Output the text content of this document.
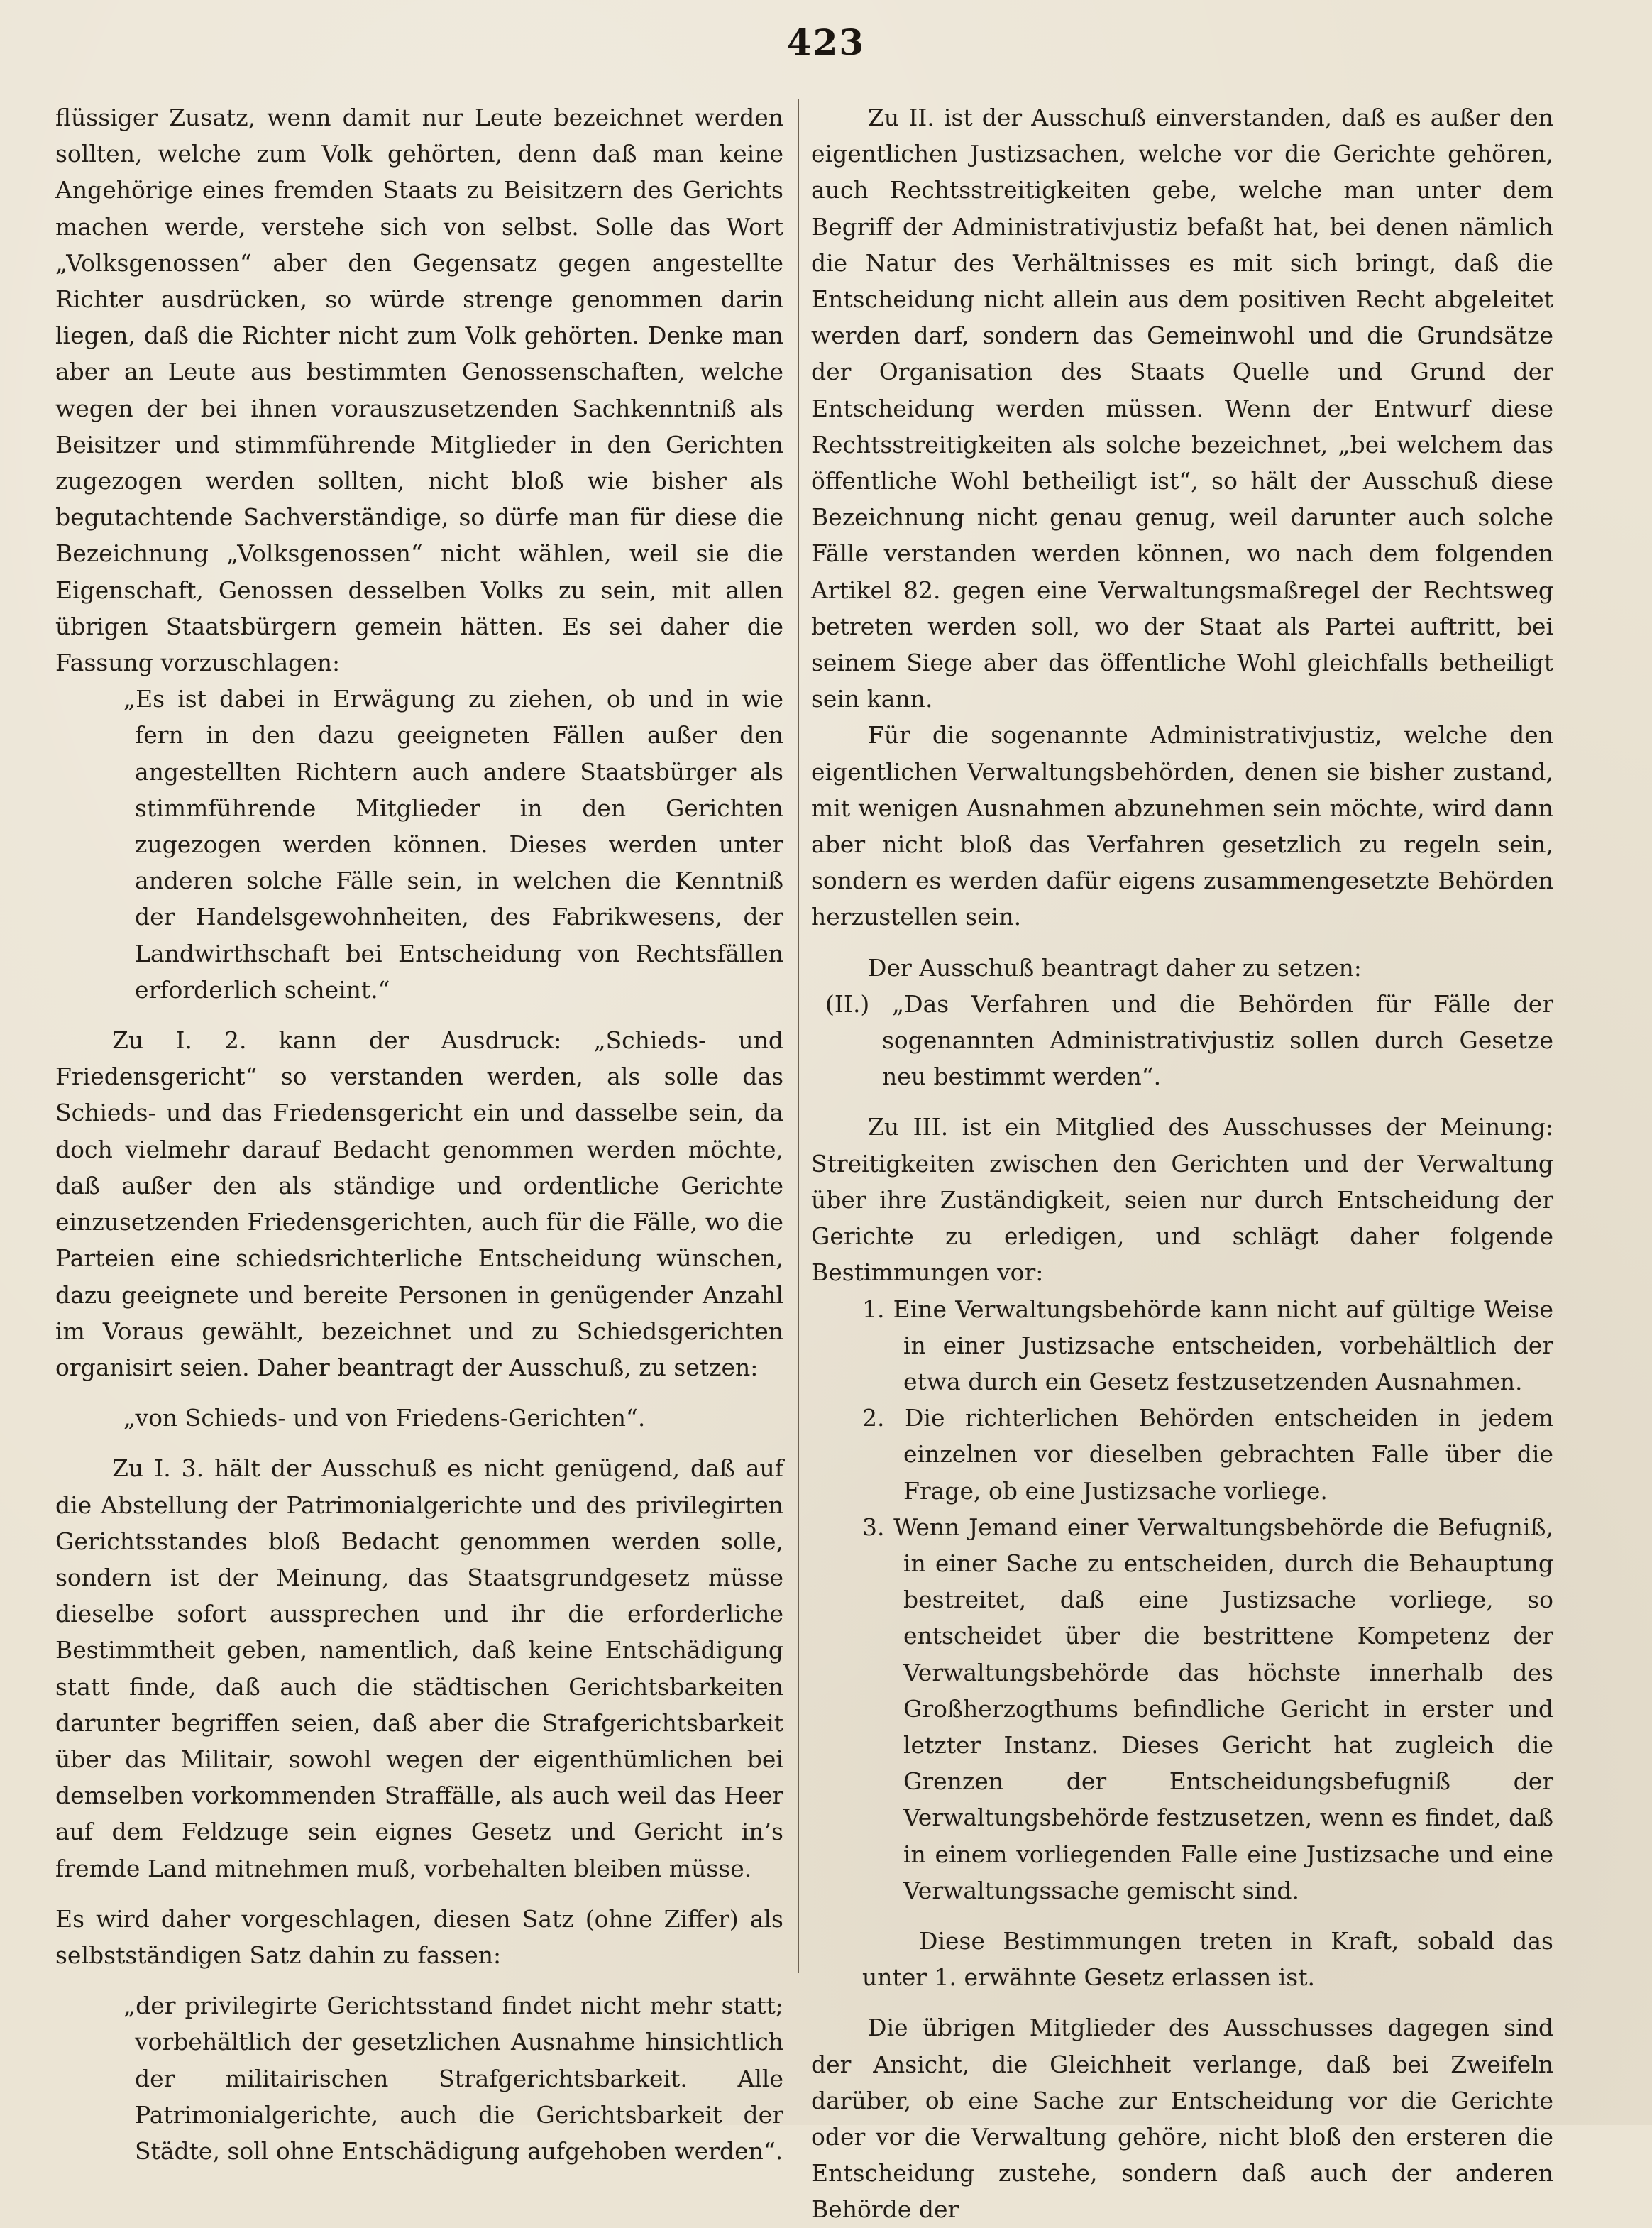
423

flüssiger Zusatz, wenn damit nur Leute bezeichnet werden sollten, welche zum Volk gehörten, denn daß man keine Angehörige eines fremden Staats zu Beisitzern des Gerichts machen werde, verstehe sich von selbst. Solle das Wort „Volksgenossen“ aber den Gegensatz gegen angestellte Richter ausdrücken, so würde strenge genommen darin liegen, daß die Richter nicht zum Volk gehörten. Denke man aber an Leute aus bestimmten Genossenschaften, welche wegen der bei ihnen vorauszusetzenden Sachkenntniß als Beisitzer und stimmführende Mitglieder in den Gerichten zugezogen werden sollten, nicht bloß wie bisher als begutachtende Sachverständige, so dürfe man für diese die Bezeichnung „Volksgenossen“ nicht wählen, weil sie die Eigenschaft, Genossen desselben Volks zu sein, mit allen übrigen Staatsbürgern gemein hätten. Es sei daher die Fassung vorzuschlagen:

„Es ist dabei in Erwägung zu ziehen, ob und in wie fern in den dazu geeigneten Fällen außer den angestellten Richtern auch andere Staatsbürger als stimmführende Mitglieder in den Gerichten zugezogen werden können. Dieses werden unter anderen solche Fälle sein, in welchen die Kenntniß der Handelsgewohnheiten, des Fabrikwesens, der Landwirthschaft bei Entscheidung von Rechtsfällen erforderlich scheint.“

Zu I. 2. kann der Ausdruck: „Schieds- und Friedensgericht“ so verstanden werden, als solle das Schieds- und das Friedensgericht ein und dasselbe sein, da doch vielmehr darauf Bedacht genommen werden möchte, daß außer den als ständige und ordentliche Gerichte einzusetzenden Friedensgerichten, auch für die Fälle, wo die Parteien eine schiedsrichterliche Entscheidung wünschen, dazu geeignete und bereite Personen in genügender Anzahl im Voraus gewählt, bezeichnet und zu Schiedsgerichten organisirt seien. Daher beantragt der Ausschuß, zu setzen:

„von Schieds- und von Friedens-Gerichten“.

Zu I. 3. hält der Ausschuß es nicht genügend, daß auf die Abstellung der Patrimonialgerichte und des privilegirten Gerichtsstandes bloß Bedacht genommen werden solle, sondern ist der Meinung, das Staatsgrundgesetz müsse dieselbe sofort aussprechen und ihr die erforderliche Bestimmtheit geben, namentlich, daß keine Entschädigung statt finde, daß auch die städtischen Gerichtsbarkeiten darunter begriffen seien, daß aber die Strafgerichtsbarkeit über das Militair, sowohl wegen der eigenthümlichen bei demselben vorkommenden Straffälle, als auch weil das Heer auf dem Feldzuge sein eignes Gesetz und Gericht in’s fremde Land mitnehmen muß, vorbehalten bleiben müsse.

Es wird daher vorgeschlagen, diesen Satz (ohne Ziffer) als selbstständigen Satz dahin zu fassen:

„der privilegirte Gerichtsstand findet nicht mehr statt; vorbehältlich der gesetzlichen Ausnahme hinsichtlich der militairischen Strafgerichtsbarkeit. Alle Patrimonialgerichte, auch die Gerichtsbarkeit der Städte, soll ohne Entschädigung aufgehoben werden“.

Zu II. ist der Ausschuß einverstanden, daß es außer den eigentlichen Justizsachen, welche vor die Gerichte gehören, auch Rechtsstreitigkeiten gebe, welche man unter dem Begriff der Administrativjustiz befaßt hat, bei denen nämlich die Natur des Verhältnisses es mit sich bringt, daß die Entscheidung nicht allein aus dem positiven Recht abgeleitet werden darf, sondern das Gemeinwohl und die Grundsätze der Organisation des Staats Quelle und Grund der Entscheidung werden müssen. Wenn der Entwurf diese Rechtsstreitigkeiten als solche bezeichnet, „bei welchem das öffentliche Wohl betheiligt ist“, so hält der Ausschuß diese Bezeichnung nicht genau genug, weil darunter auch solche Fälle verstanden werden können, wo nach dem folgenden Artikel 82. gegen eine Verwaltungsmaßregel der Rechtsweg betreten werden soll, wo der Staat als Partei auftritt, bei seinem Siege aber das öffentliche Wohl gleichfalls betheiligt sein kann.

Für die sogenannte Administrativjustiz, welche den eigentlichen Verwaltungsbehörden, denen sie bisher zustand, mit wenigen Ausnahmen abzunehmen sein möchte, wird dann aber nicht bloß das Verfahren gesetzlich zu regeln sein, sondern es werden dafür eigens zusammengesetzte Behörden herzustellen sein.

Der Ausschuß beantragt daher zu setzen:

(II.) „Das Verfahren und die Behörden für Fälle der sogenannten Administrativjustiz sollen durch Gesetze neu bestimmt werden“.

Zu III. ist ein Mitglied des Ausschusses der Meinung: Streitigkeiten zwischen den Gerichten und der Verwaltung über ihre Zuständigkeit, seien nur durch Entscheidung der Gerichte zu erledigen, und schlägt daher folgende Bestimmungen vor:

1. Eine Verwaltungsbehörde kann nicht auf gültige Weise in einer Justizsache entscheiden, vorbehältlich der etwa durch ein Gesetz festzusetzenden Ausnahmen.

2. Die richterlichen Behörden entscheiden in jedem einzelnen vor dieselben gebrachten Falle über die Frage, ob eine Justizsache vorliege.

3. Wenn Jemand einer Verwaltungsbehörde die Befugniß, in einer Sache zu entscheiden, durch die Behauptung bestreitet, daß eine Justizsache vorliege, so entscheidet über die bestrittene Kompetenz der Verwaltungsbehörde das höchste innerhalb des Großherzogthums befindliche Gericht in erster und letzter Instanz. Dieses Gericht hat zugleich die Grenzen der Entscheidungsbefugniß der Verwaltungsbehörde festzusetzen, wenn es findet, daß in einem vorliegenden Falle eine Justizsache und eine Verwaltungssache gemischt sind.

Diese Bestimmungen treten in Kraft, sobald das unter 1. erwähnte Gesetz erlassen ist.

Die übrigen Mitglieder des Ausschusses dagegen sind der Ansicht, die Gleichheit verlange, daß bei Zweifeln darüber, ob eine Sache zur Entscheidung vor die Gerichte oder vor die Verwaltung gehöre, nicht bloß den ersteren die Entscheidung zustehe, sondern daß auch der anderen Behörde der
